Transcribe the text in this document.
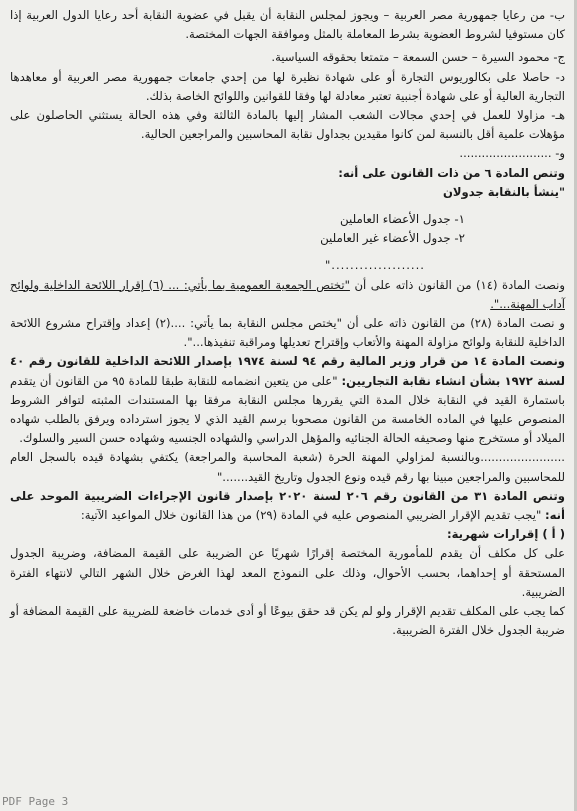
ب- من رعايا جمهورية مصر العربية – ويجوز لمجلس النقابة أن يقبل في عضوية النقابة أحد رعايا الدول العربية إذا كان مستوفيا لشروط العضوية بشرط المعاملة بالمثل وموافقة الجهات المختصة.

ج- محمود السيرة – حسن السمعة – متمتعا بحقوقه السياسية.

د- حاصلا على بكالوريوس التجارة أو على شهادة نظيرة لها من إحدي جامعات جمهورية مصر العربية أو معاهدها التجارية العالية أو على شهادة أجنبية تعتبر معادلة لها وفقا للقوانين واللوائح الخاصة بذلك.

هـ- مزاولا للعمل في إحدي مجالات الشعب المشار إليها بالمادة الثالثة وفي هذه الحالة يستثني الحاصلون على مؤهلات علمية أقل بالنسبة لمن كانوا مقيدين بجداول نقابة المحاسبين والمراجعين الحالية.

و- .........................

وتنص المادة ٦ من ذات القانون على أنه:

"ينشأ بالنقابة جدولان

١- جدول الأعضاء العاملين

٢- جدول الأعضاء غير العاملين

...................."

ونصت المادة (١٤) من القانون ذاته على أن "تختص الجمعية العمومية بما يأتي: ... (٦) إقرار اللائحة الداخلية ولوائح آداب المهنة...".

و نصت المادة (٢٨) من القانون ذاته على أن "يختص مجلس النقابة بما يأتي: ....(٢) إعداد وإقتراح مشروع اللائحة الداخلية للنقابة ولوائح مزاولة المهنة والأتعاب وإقتراح تعديلها ومراقبة تنفيذها...".

ونصت المادة ١٤ من قرار وزير المالية رقم ٩٤ لسنة ١٩٧٤ بإصدار اللائحة الداخلية للقانون رقم ٤٠ لسنة ١٩٧٢ بشأن انشاء نقابة التجاريين: "على من يتعين انضمامه للنقابة طبقا للمادة ٩٥ من القانون أن يتقدم باستمارة القيد في النقابة خلال المدة التي يقررها مجلس النقابة مرفقا بها المستندات المثبته لتوافر الشروط المنصوص عليها في الماده الخامسة من القانون مصحوبا برسم القيد الذي لا يجوز استرداده ويرفق بالطلب شهاده الميلاد أو مستخرج منها وصحيفه الحالة الجنائيه والمؤهل الدراسي والشهاده الجنسيه وشهاده حسن السير والسلوك.

.......................وبالنسبة لمزاولي المهنة الحرة (شعبة المحاسبة والمراجعة) يكتفي بشهادة قيده بالسجل العام للمحاسبين والمراجعين مبينا بها رقم قيده ونوع الجدول وتاريخ القيد......."

وتنص المادة ٣١ من القانون رقم ٢٠٦ لسنة ٢٠٢٠ بإصدار قانون الإجراءات الضريبية الموحد على أنه: "يجب تقديم الإقرار الضريبي المنصوص عليه في المادة (٢٩) من هذا القانون خلال المواعيد الآتية:

( أ ) إقرارات شهرية:

على كل مكلف أن يقدم للمأمورية المختصة إقرارًا شهريًا عن الضريبة على القيمة المضافة، وضريبة الجدول المستحقة أو إحداهما، بحسب الأحوال، وذلك على النموذج المعد لهذا الغرض خلال الشهر التالي لانتهاء الفترة الضريبية.

كما يجب على المكلف تقديم الإقرار ولو لم يكن قد حقق بيوعًا أو أدى خدمات خاضعة للضريبة على القيمة المضافة أو ضريبة الجدول خلال الفترة الضريبية.

PDF Page 3
